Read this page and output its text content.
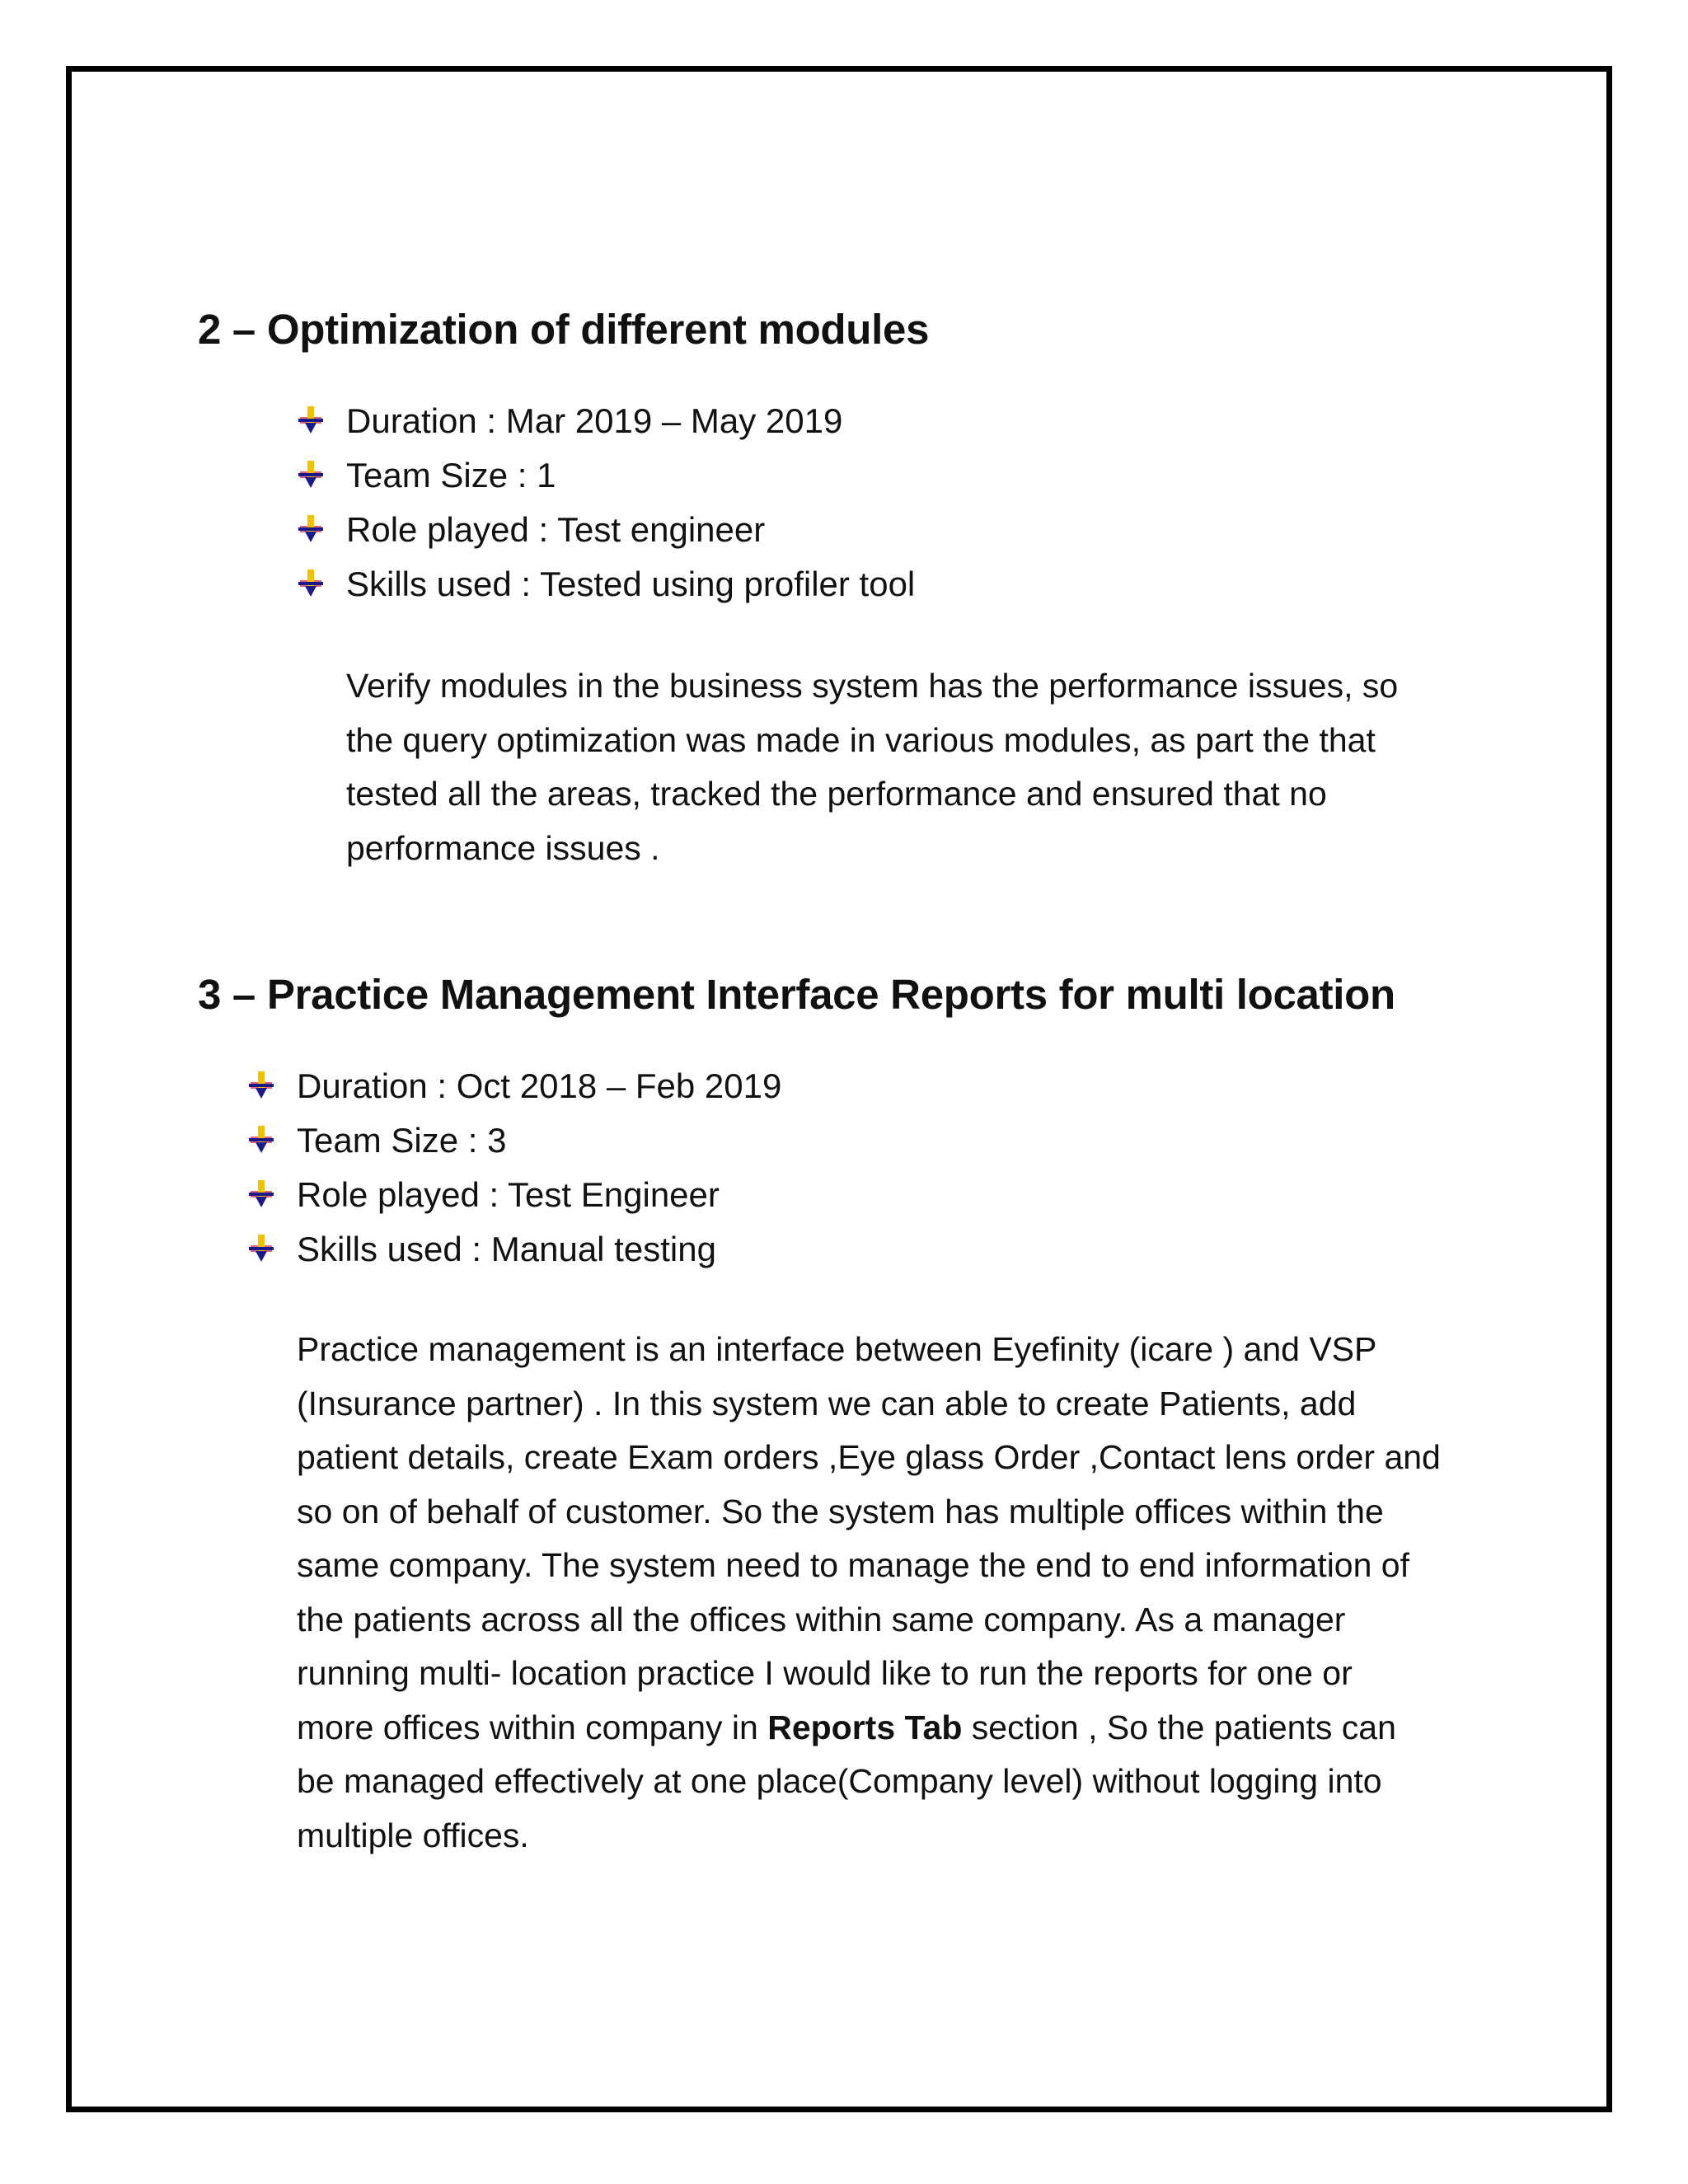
2 – Optimization of different modules
Duration : Mar 2019 – May 2019
Team Size : 1
Role played : Test engineer
Skills used : Tested using profiler tool

Verify modules in the business system has the performance issues, so
the query optimization was made in various modules, as part the that
tested all the areas, tracked the performance and ensured that no
performance issues .

3 – Practice Management Interface Reports for multi location
Duration : Oct 2018 – Feb 2019
Team Size : 3
Role played : Test Engineer
Skills used : Manual testing

Practice management is an interface between Eyefinity (icare ) and VSP
(Insurance partner) . In this system we can able to create Patients, add
patient details, create Exam orders ,Eye glass Order ,Contact lens order and
so on of behalf of customer. So the system has multiple offices within the
same company. The system need to manage the end to end information of
the patients across all the offices within same company. As a manager
running multi- location practice I would like to run the reports for one or
more offices within company in Reports Tab section , So the patients can
be managed effectively at one place(Company level) without logging into
multiple offices.
